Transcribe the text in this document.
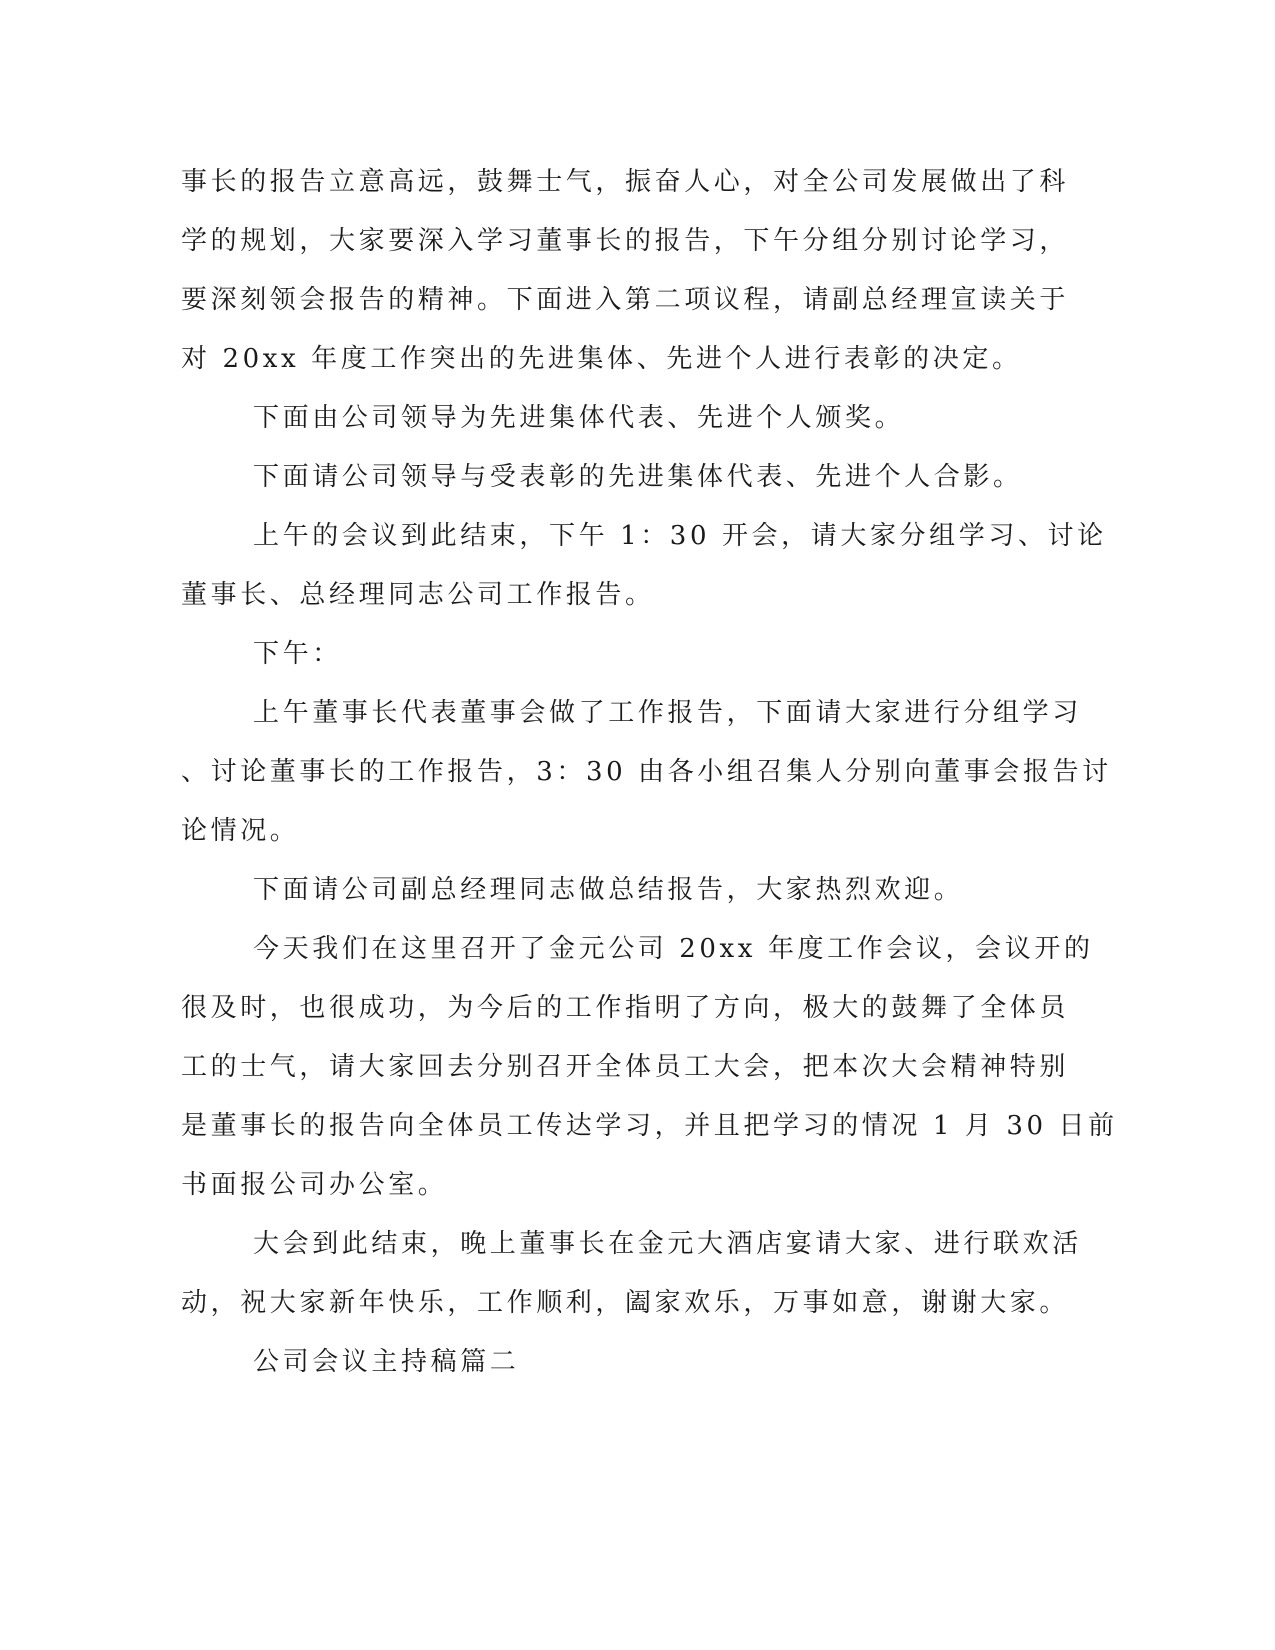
事长的报告立意高远，鼓舞士气，振奋人心，对全公司发展做出了科
学的规划，大家要深入学习董事长的报告，下午分组分别讨论学习，
要深刻领会报告的精神。下面进入第二项议程，请副总经理宣读关于
对 20xx 年度工作突出的先进集体、先进个人进行表彰的决定。
下面由公司领导为先进集体代表、先进个人颁奖。
下面请公司领导与受表彰的先进集体代表、先进个人合影。
上午的会议到此结束，下午 1：30 开会，请大家分组学习、讨论
董事长、总经理同志公司工作报告。
下午：
上午董事长代表董事会做了工作报告，下面请大家进行分组学习
、讨论董事长的工作报告，3：30 由各小组召集人分别向董事会报告讨
论情况。
下面请公司副总经理同志做总结报告，大家热烈欢迎。
今天我们在这里召开了金元公司 20xx 年度工作会议，会议开的
很及时，也很成功，为今后的工作指明了方向，极大的鼓舞了全体员
工的士气，请大家回去分别召开全体员工大会，把本次大会精神特别
是董事长的报告向全体员工传达学习，并且把学习的情况 1 月 30 日前
书面报公司办公室。
大会到此结束，晚上董事长在金元大酒店宴请大家、进行联欢活
动，祝大家新年快乐，工作顺利，阖家欢乐，万事如意，谢谢大家。
公司会议主持稿篇二
